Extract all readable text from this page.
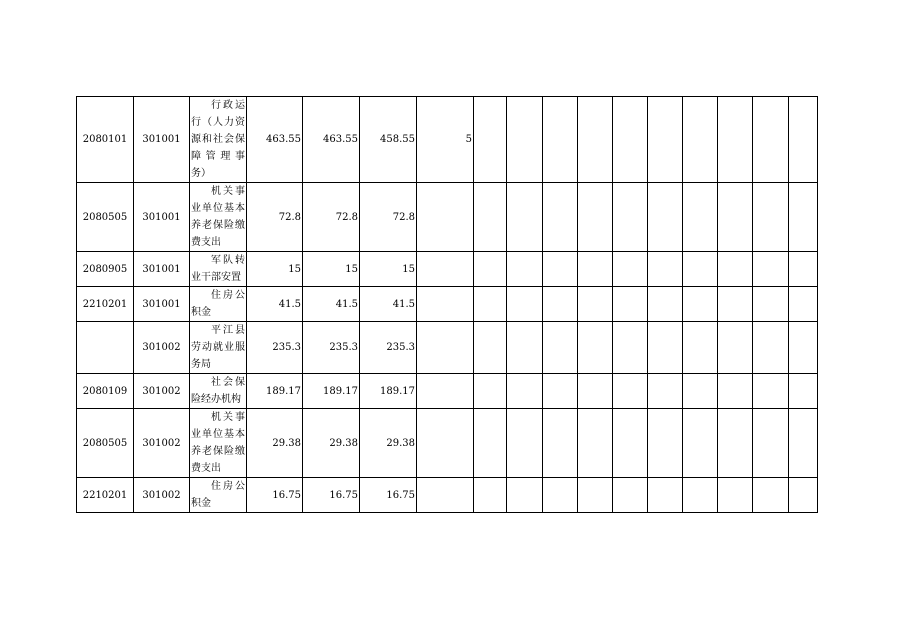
2080101	301001	行政运行（人力资源和社会保障管理事务）	463.55	463.55	458.55	5										
2080505	301001	机关事业单位基本养老保险缴费支出	72.8	72.8	72.8											
2080905	301001	军队转业干部安置	15	15	15											
2210201	301001	住房公积金	41.5	41.5	41.5											
	301002	平江县劳动就业服务局	235.3	235.3	235.3											
2080109	301002	社会保险经办机构	189.17	189.17	189.17											
2080505	301002	机关事业单位基本养老保险缴费支出	29.38	29.38	29.38											
2210201	301002	住房公积金	16.75	16.75	16.75											
